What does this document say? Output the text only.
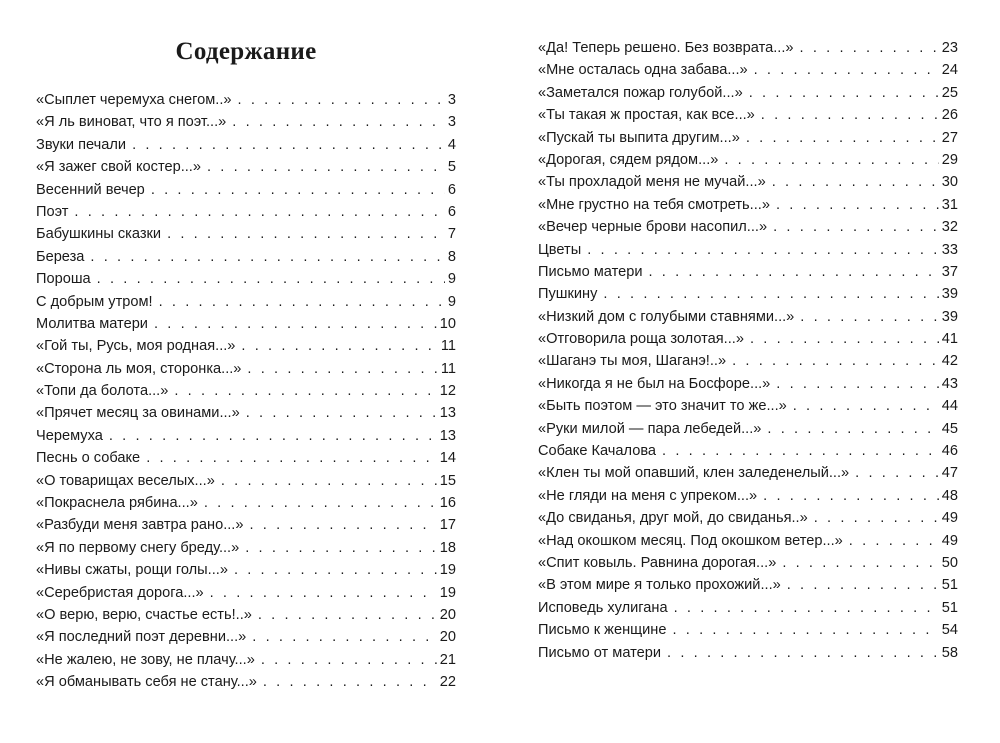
Содержание
«Сыплет черемуха снегом..» . . .	3
«Я ль виноват, что я поэт...» . . .	3
Звуки печали . . .	4
«Я зажег свой костер...» . . .	5
Весенний вечер . . .	6
Поэт . . .	6
Бабушкины сказки . . .	7
Береза . . .	8
Пороша . . .	9
С добрым утром! . . .	9
Молитва матери . . .	10
«Гой ты, Русь, моя родная...» . . .	11
«Сторона ль моя, сторонка...» . . .	11
«Топи да болота...» . . .	12
«Прячет месяц за овинами...» . . .	13
Черемуха . . .	13
Песнь о собаке . . .	14
«О товарищах веселых...» . . .	15
«Покраснела рябина...» . . .	16
«Разбуди меня завтра рано...» . . .	17
«Я по первому снегу бреду...» . . .	18
«Нивы сжаты, рощи голы...» . . .	19
«Серебристая дорога...» . . .	19
«О верю, верю, счастье есть!..» . . .	20
«Я последний поэт деревни...» . . .	20
«Не жалею, не зову, не плачу...» . . .	21
«Я обманывать себя не стану...» . . .	22
«Да! Теперь решено. Без возврата...» . . .	23
«Мне осталась одна забава...» . . .	24
«Заметался пожар голубой...» . . .	25
«Ты такая ж простая, как все...» . . .	26
«Пускай ты выпита другим...» . . .	27
«Дорогая, сядем рядом...» . . .	29
«Ты прохладой меня не мучай...» . . .	30
«Мне грустно на тебя смотреть...» . . .	31
«Вечер черные брови насопил...» . . .	32
Цветы . . .	33
Письмо матери . . .	37
Пушкину . . .	39
«Низкий дом с голубыми ставнями...» . . .	39
«Отговорила роща золотая...» . . .	41
«Шаганэ ты моя, Шаганэ!..» . . .	42
«Никогда я не был на Босфоре...» . . .	43
«Быть поэтом — это значит то же...» . . .	44
«Руки милой — пара лебедей...» . . .	45
Собаке Качалова . . .	46
«Клен ты мой опавший, клен заледенелый...» . . .	47
«Не гляди на меня с упреком...» . . .	48
«До свиданья, друг мой, до свиданья..» . . .	49
«Над окошком месяц. Под окошком ветер...» . . .	49
«Спит ковыль. Равнина дорогая...» . . .	50
«В этом мире я только прохожий...» . . .	51
Исповедь хулигана . . .	51
Письмо к женщине . . .	54
Письмо от матери . . .	58
